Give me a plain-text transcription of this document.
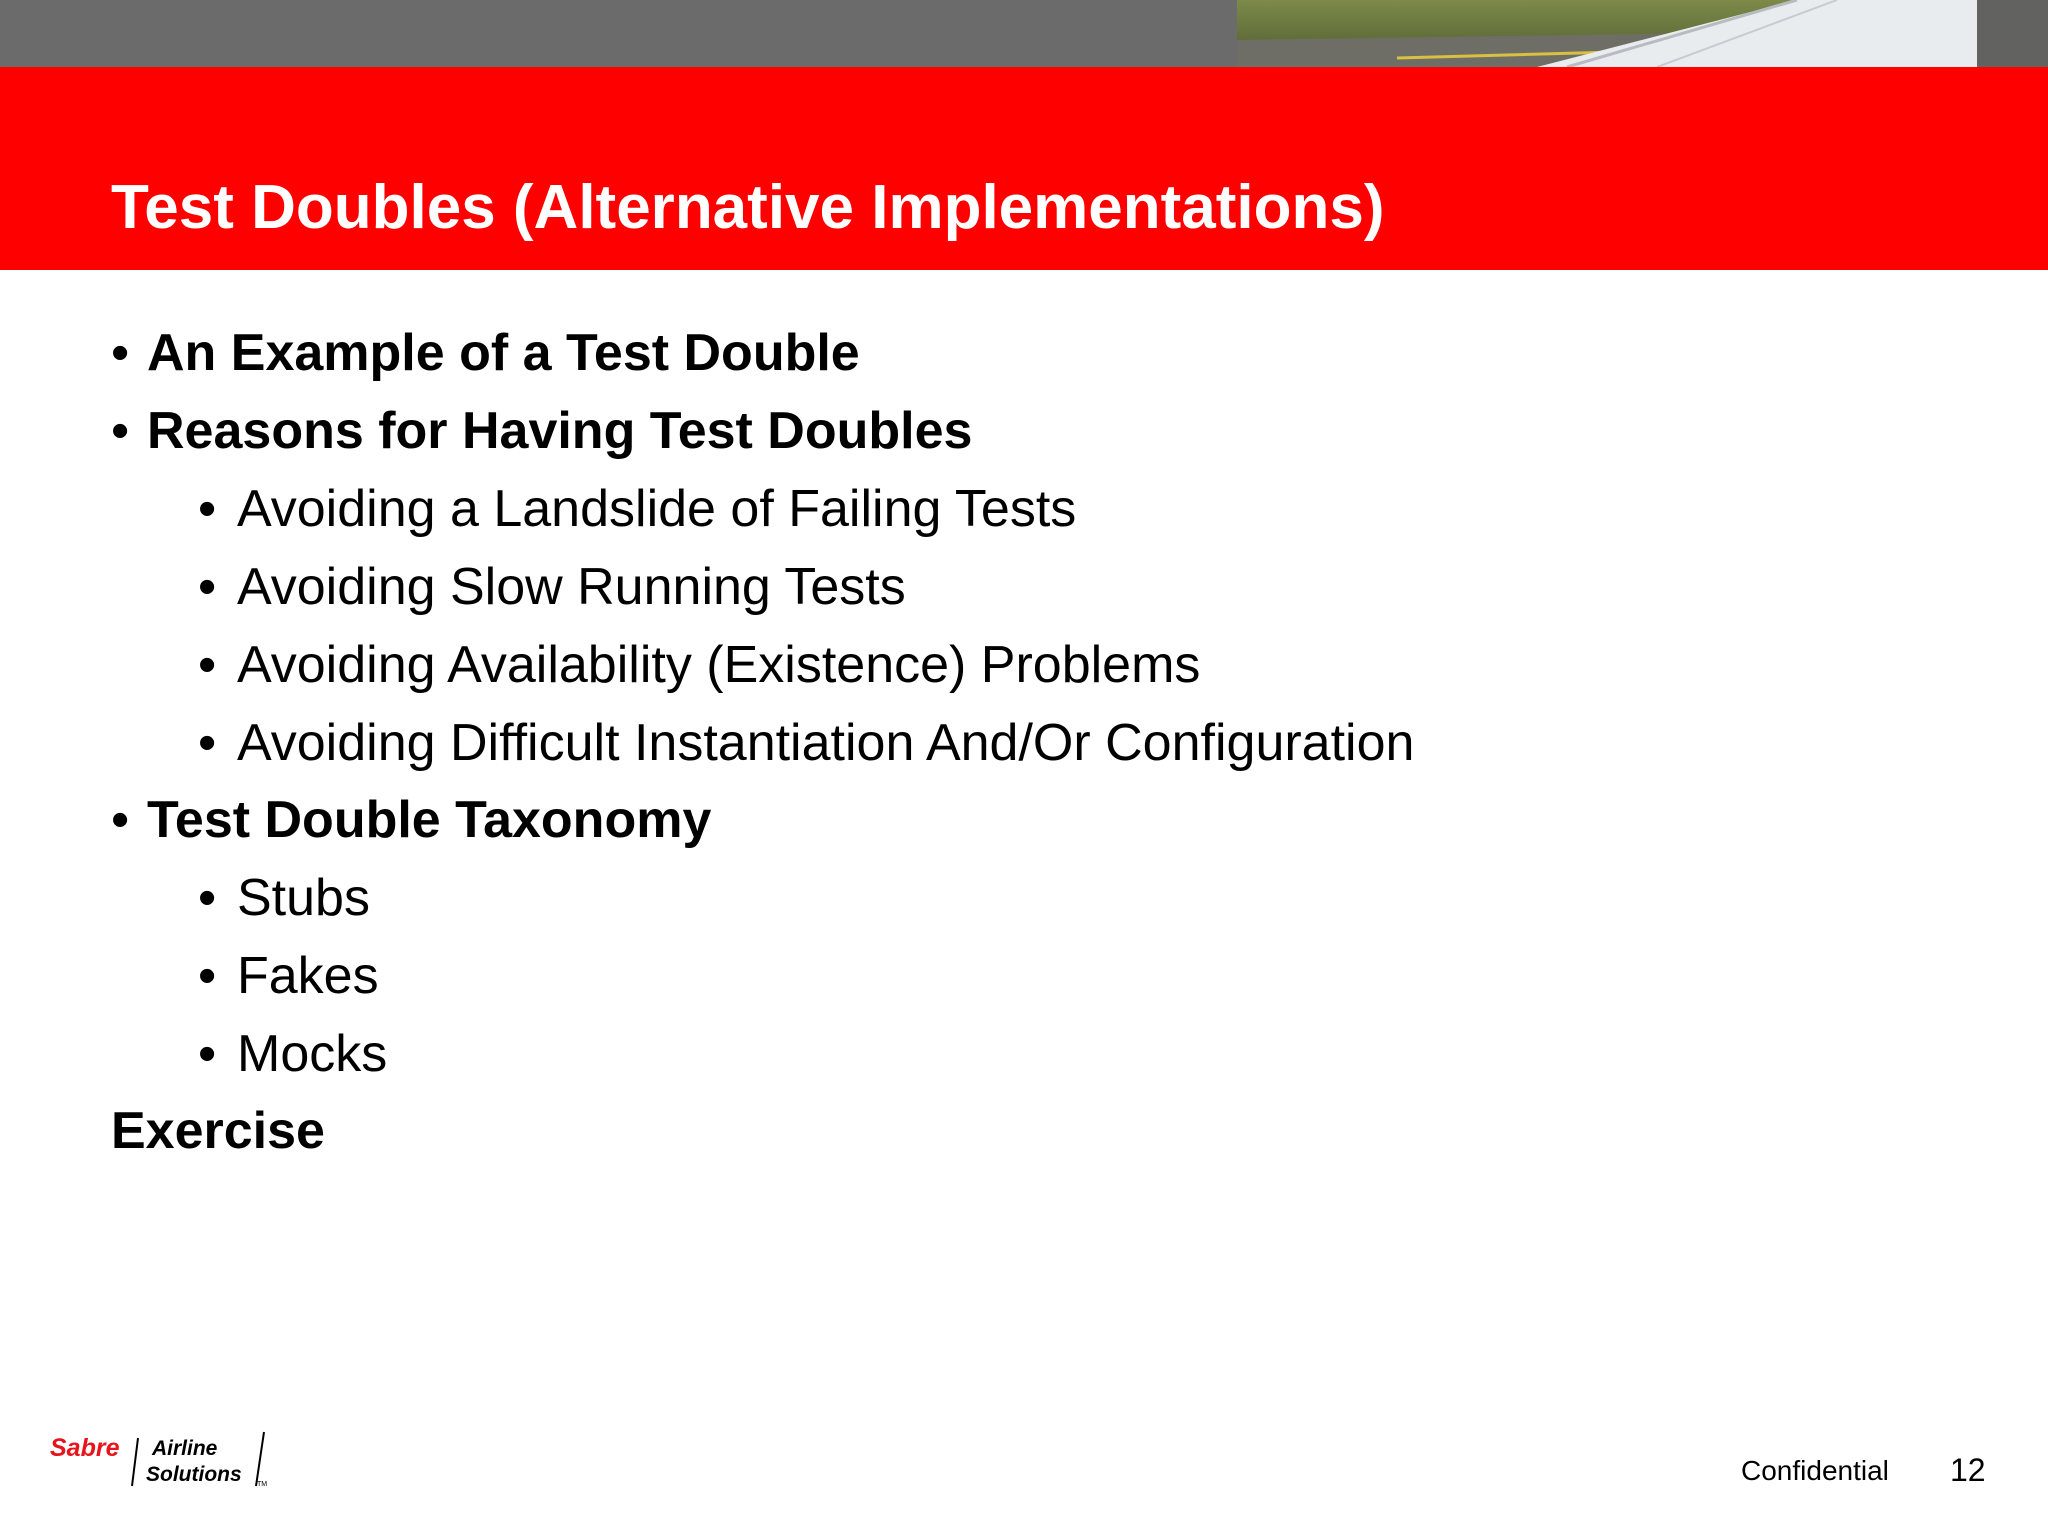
Test Doubles (Alternative Implementations)
• An Example of a Test Double
• Reasons for Having Test Doubles
• Avoiding a Landslide of Failing Tests
• Avoiding Slow Running Tests
• Avoiding Availability (Existence) Problems
• Avoiding Difficult Instantiation And/Or Configuration
• Test Double Taxonomy
• Stubs
• Fakes
• Mocks
Exercise
Sabre Airline
Solutions TM	Confidential 12
